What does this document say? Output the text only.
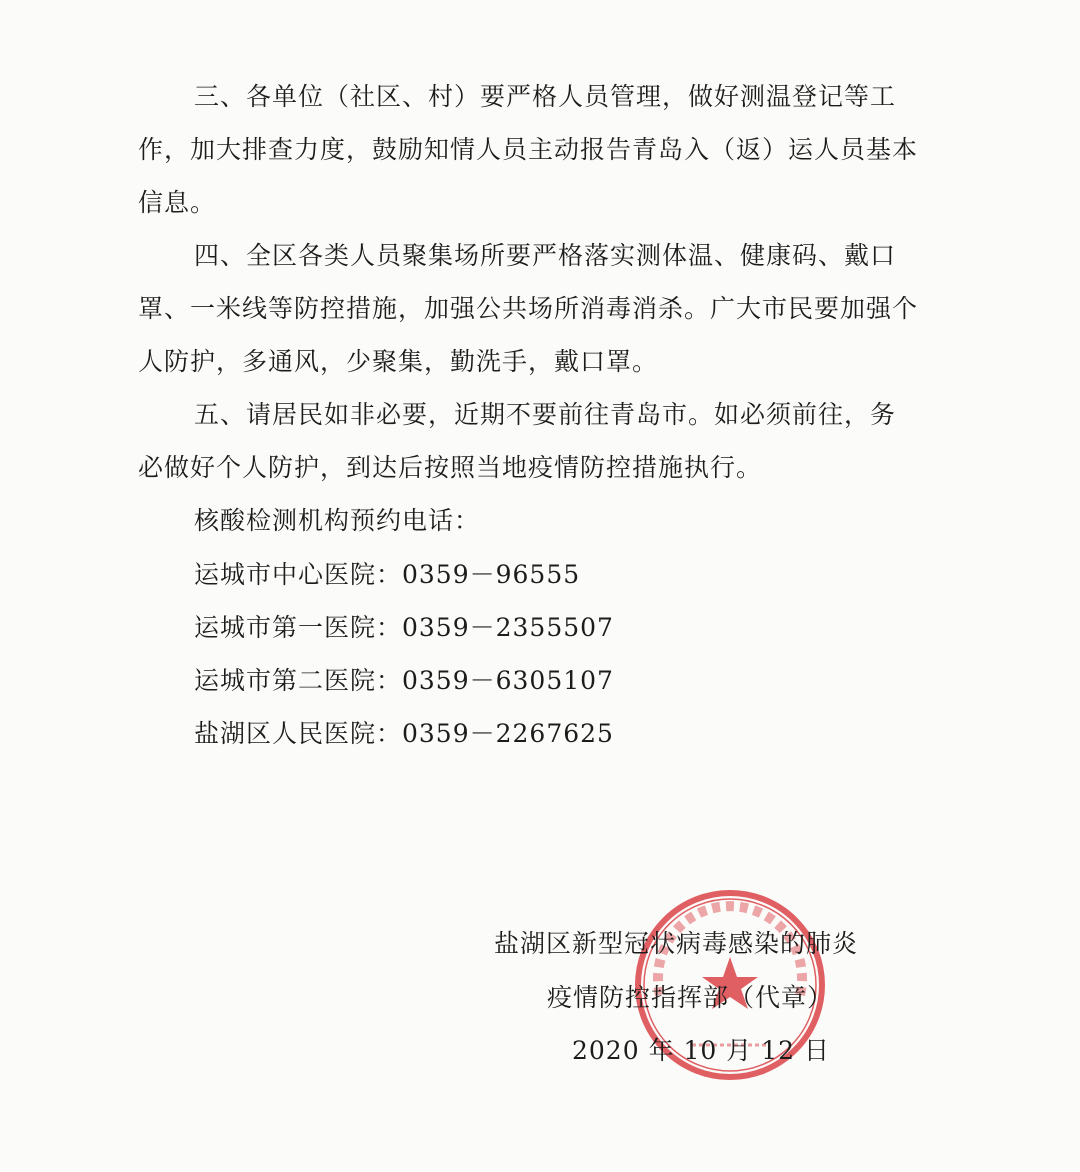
三、各单位（社区、村）要严格人员管理，做好测温登记等工作，加大排查力度，鼓励知情人员主动报告青岛入（返）运人员基本信息。

四、全区各类人员聚集场所要严格落实测体温、健康码、戴口罩、一米线等防控措施，加强公共场所消毒消杀。广大市民要加强个人防护，多通风，少聚集，勤洗手，戴口罩。

五、请居民如非必要，近期不要前往青岛市。如必须前往，务必做好个人防护，到达后按照当地疫情防控措施执行。

核酸检测机构预约电话：

运城市中心医院：0359－96555

运城市第一医院：0359－2355507

运城市第二医院：0359－6305107

盐湖区人民医院：0359－2267625

盐湖区新型冠状病毒感染的肺炎
疫情防控指挥部（代章）
2020 年 10 月 12 日
